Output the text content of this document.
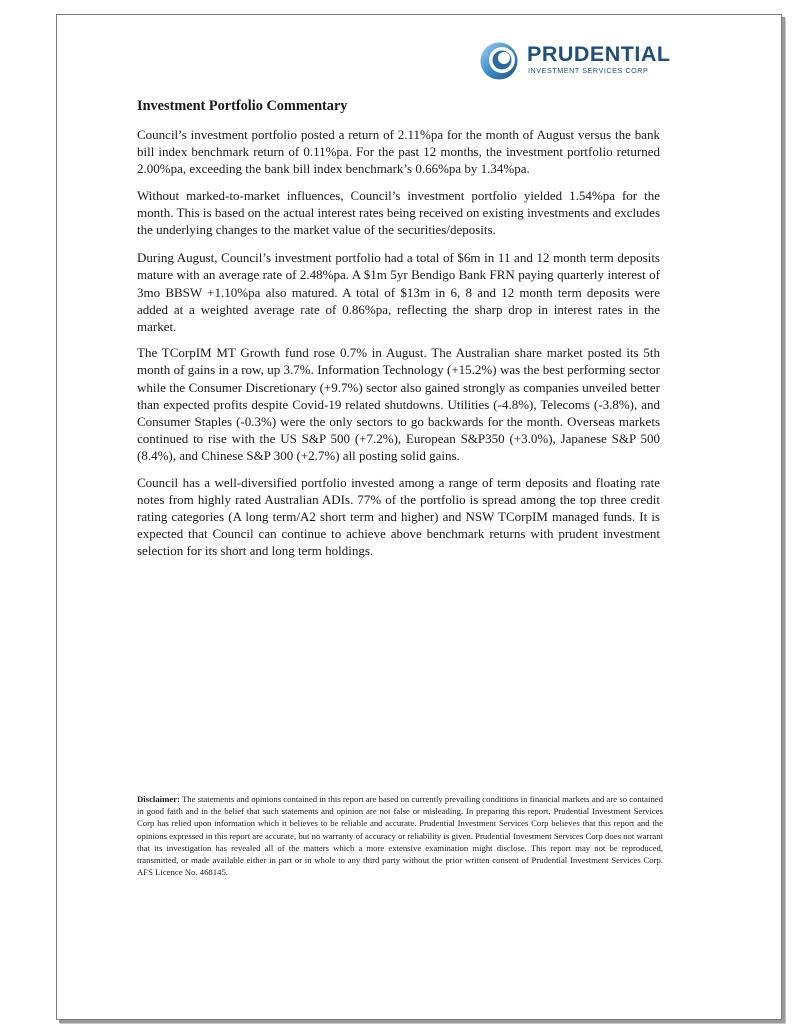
PRUDENTIAL
INVESTMENT SERVICES CORP
Investment Portfolio Commentary

Council’s investment portfolio posted a return of 2.11%pa for the month of August versus the bank bill index benchmark return of 0.11%pa. For the past 12 months, the investment portfolio returned 2.00%pa, exceeding the bank bill index benchmark’s 0.66%pa by 1.34%pa.

Without marked-to-market influences, Council’s investment portfolio yielded 1.54%pa for the month. This is based on the actual interest rates being received on existing investments and excludes the underlying changes to the market value of the securities/deposits.

During August, Council’s investment portfolio had a total of $6m in 11 and 12 month term deposits mature with an average rate of 2.48%pa. A $1m 5yr Bendigo Bank FRN paying quarterly interest of 3mo BBSW +1.10%pa also matured. A total of $13m in 6, 8 and 12 month term deposits were added at a weighted average rate of 0.86%pa, reflecting the sharp drop in interest rates in the market.

The TCorpIM MT Growth fund rose 0.7% in August. The Australian share market posted its 5th month of gains in a row, up 3.7%. Information Technology (+15.2%) was the best performing sector while the Consumer Discretionary (+9.7%) sector also gained strongly as companies unveiled better than expected profits despite Covid-19 related shutdowns. Utilities (-4.8%), Telecoms (-3.8%), and Consumer Staples (-0.3%) were the only sectors to go backwards for the month. Overseas markets continued to rise with the US S&P 500 (+7.2%), European S&P350 (+3.0%), Japanese S&P 500 (8.4%), and Chinese S&P 300 (+2.7%) all posting solid gains.

Council has a well-diversified portfolio invested among a range of term deposits and floating rate notes from highly rated Australian ADIs. 77% of the portfolio is spread among the top three credit rating categories (A long term/A2 short term and higher) and NSW TCorpIM managed funds. It is expected that Council can continue to achieve above benchmark returns with prudent investment selection for its short and long term holdings.

Disclaimer: The statements and opinions contained in this report are based on currently prevailing conditions in financial markets and are so contained in good faith and in the belief that such statements and opinion are not false or misleading. In preparing this report, Prudential Investment Services Corp has relied upon information which it believes to be reliable and accurate. Prudential Investment Services Corp believes that this report and the opinions expressed in this report are accurate, but no warranty of accuracy or reliability is given. Prudential Investment Services Corp does not warrant that its investigation has revealed all of the matters which a more extensive examination might disclose. This report may not be reproduced, transmitted, or made available either in part or in whole to any third party without the prior written consent of Prudential Investment Services Corp. AFS Licence No. 468145.
